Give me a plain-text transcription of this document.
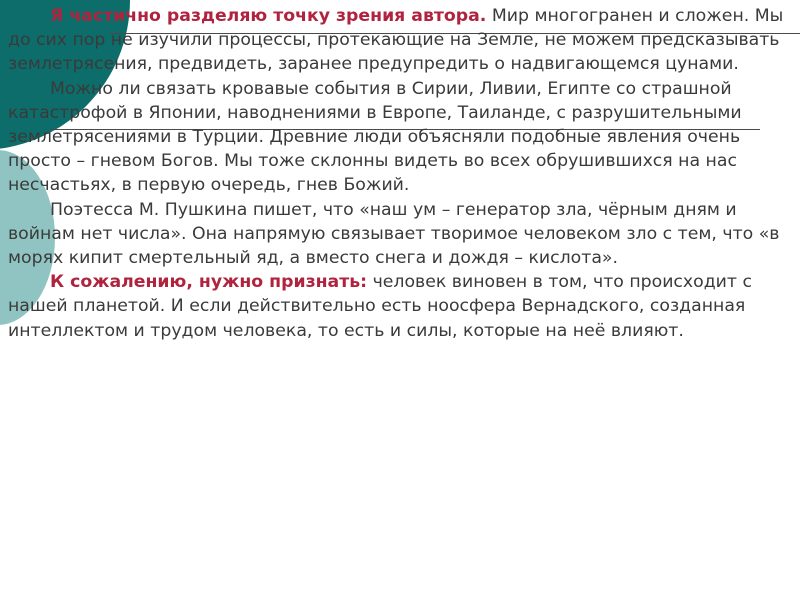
Я частично разделяю точку зрения автора. Мир многогранен и сложен. Мы до сих пор не изучили процессы, протекающие на Земле, не можем предсказывать землетрясения, предвидеть, заранее предупредить о надвигающемся цунами.

Можно ли связать кровавые события в Сирии, Ливии, Египте со страшной катастрофой в Японии, наводнениями в Европе, Таиланде, с разрушительными землетрясениями в Турции. Древние люди объясняли подобные явления очень просто – гневом Богов. Мы тоже склонны видеть во всех обрушившихся на нас несчастьях, в первую очередь, гнев Божий.

Поэтесса М. Пушкина пишет, что «наш ум – генератор зла, чёрным дням и войнам нет числа». Она напрямую связывает творимое человеком зло с тем, что «в морях кипит смертельный яд, а вместо снега и дождя – кислота».

К сожалению, нужно признать: человек виновен в том, что происходит с нашей планетой. И если действительно есть ноосфера Вернадского, созданная интеллектом и трудом человека, то есть и силы, которые на неё влияют.
